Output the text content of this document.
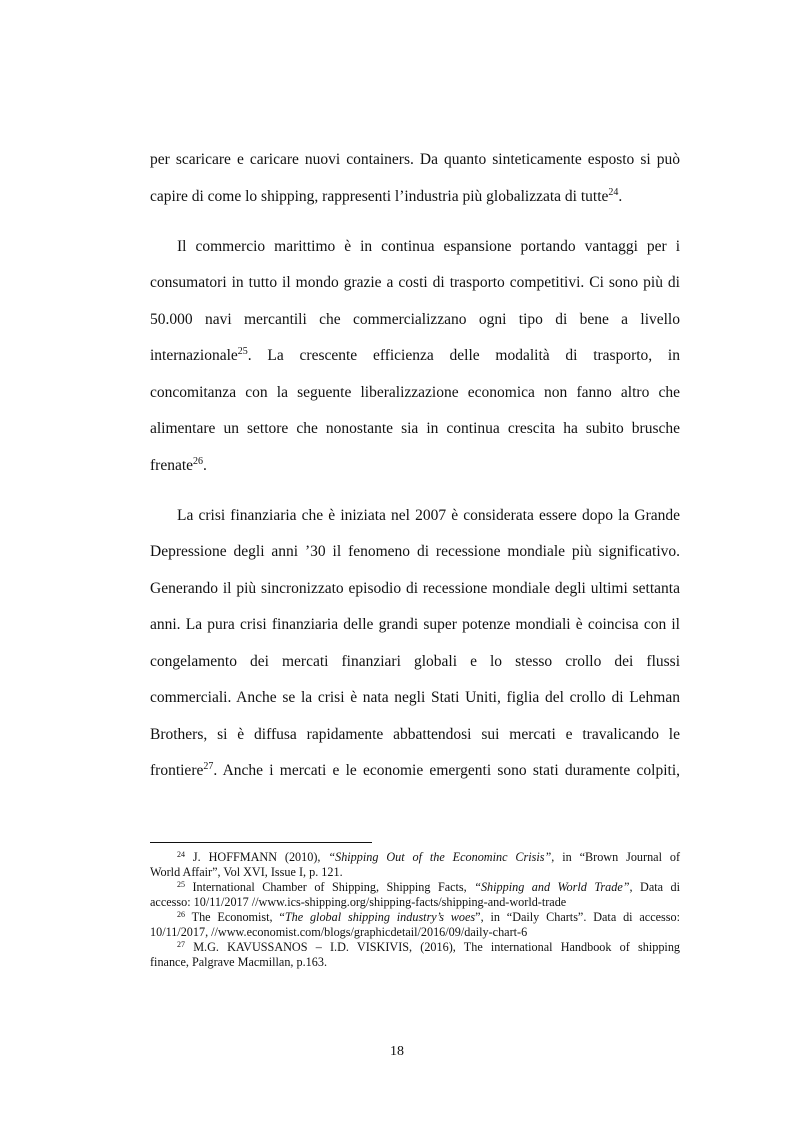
per scaricare e caricare nuovi containers. Da quanto sinteticamente esposto si può
capire di come lo shipping, rappresenti l’industria più globalizzata di tutte$^{24}$.
Il commercio marittimo è in continua espansione portando vantaggi per i
consumatori in tutto il mondo grazie a costi di trasporto competitivi. Ci sono più di
50.000 navi mercantili che commercializzano ogni tipo di bene a livello
internazionale$^{25}$. La crescente efficienza delle modalità di trasporto, in
concomitanza con la seguente liberalizzazione economica non fanno altro che
alimentare un settore che nonostante sia in continua crescita ha subito brusche
frenate$^{26}$.
La crisi finanziaria che è iniziata nel 2007 è considerata essere dopo la Grande
Depressione degli anni ’30 il fenomeno di recessione mondiale più significativo.
Generando il più sincronizzato episodio di recessione mondiale degli ultimi settanta
anni. La pura crisi finanziaria delle grandi super potenze mondiali è coincisa con il
congelamento dei mercati finanziari globali e lo stesso crollo dei flussi
commerciali. Anche se la crisi è nata negli Stati Uniti, figlia del crollo di Lehman
Brothers, si è diffusa rapidamente abbattendosi sui mercati e travalicando le
frontiere$^{27}$. Anche i mercati e le economie emergenti sono stati duramente colpiti,
$^{24}$ J. HOFFMANN (2010), “Shipping Out of the Econominc Crisis”, in “Brown Journal of
World Affair”, Vol XVI, Issue I, p. 121.
$^{25}$ International Chamber of Shipping, Shipping Facts, “Shipping and World Trade”, Data di
accesso: 10/11/2017 //www.ics-shipping.org/shipping-facts/shipping-and-world-trade
$^{26}$ The Economist, “The global shipping industry’s woes”, in “Daily Charts”. Data di accesso:
10/11/2017, //www.economist.com/blogs/graphicdetail/2016/09/daily-chart-6
$^{27}$ M.G. KAVUSSANOS – I.D. VISKIVIS, (2016), The international Handbook of shipping
finance, Palgrave Macmillan, p.163.
18
